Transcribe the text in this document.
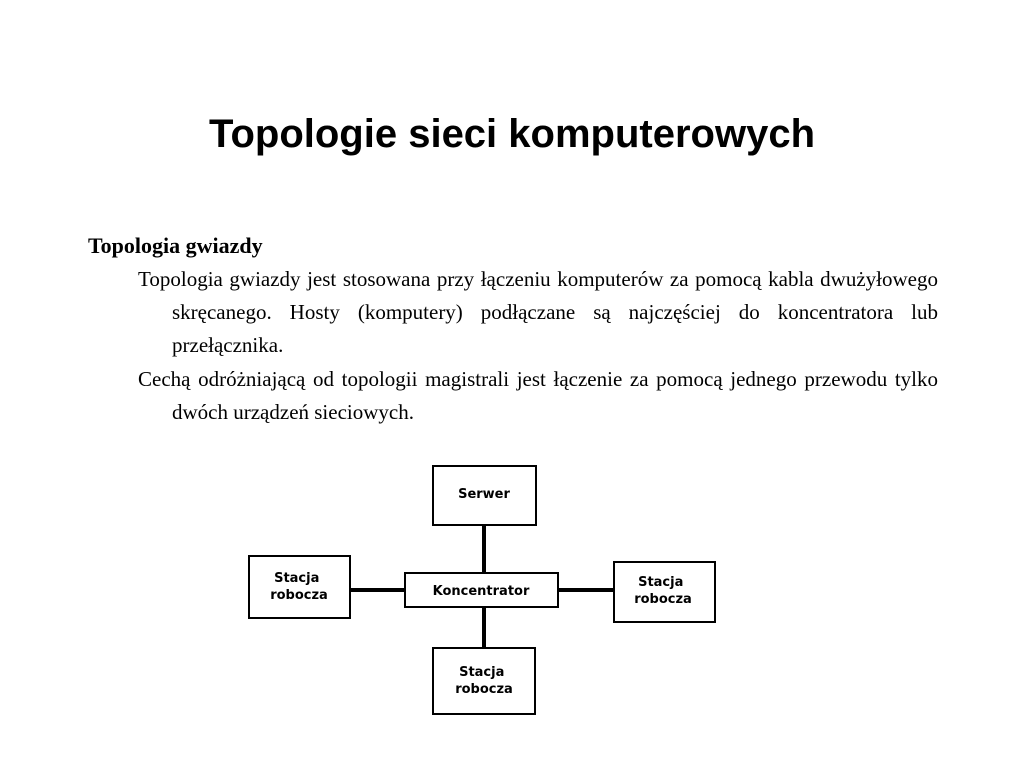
Topologie sieci komputerowych
Topologia gwiazdy

Topologia gwiazdy jest stosowana przy łączeniu komputerów za pomocą kabla dwużyłowego skręcanego. Hosty (komputery) podłączane są najczęściej do koncentratora lub przełącznika.

Cechą odróżniającą od topologii magistrali jest łączenie za pomocą jednego przewodu tylko dwóch urządzeń sieciowych.

Serwer
Koncentrator
Stacja robocza
Stacja robocza
Stacja robocza
